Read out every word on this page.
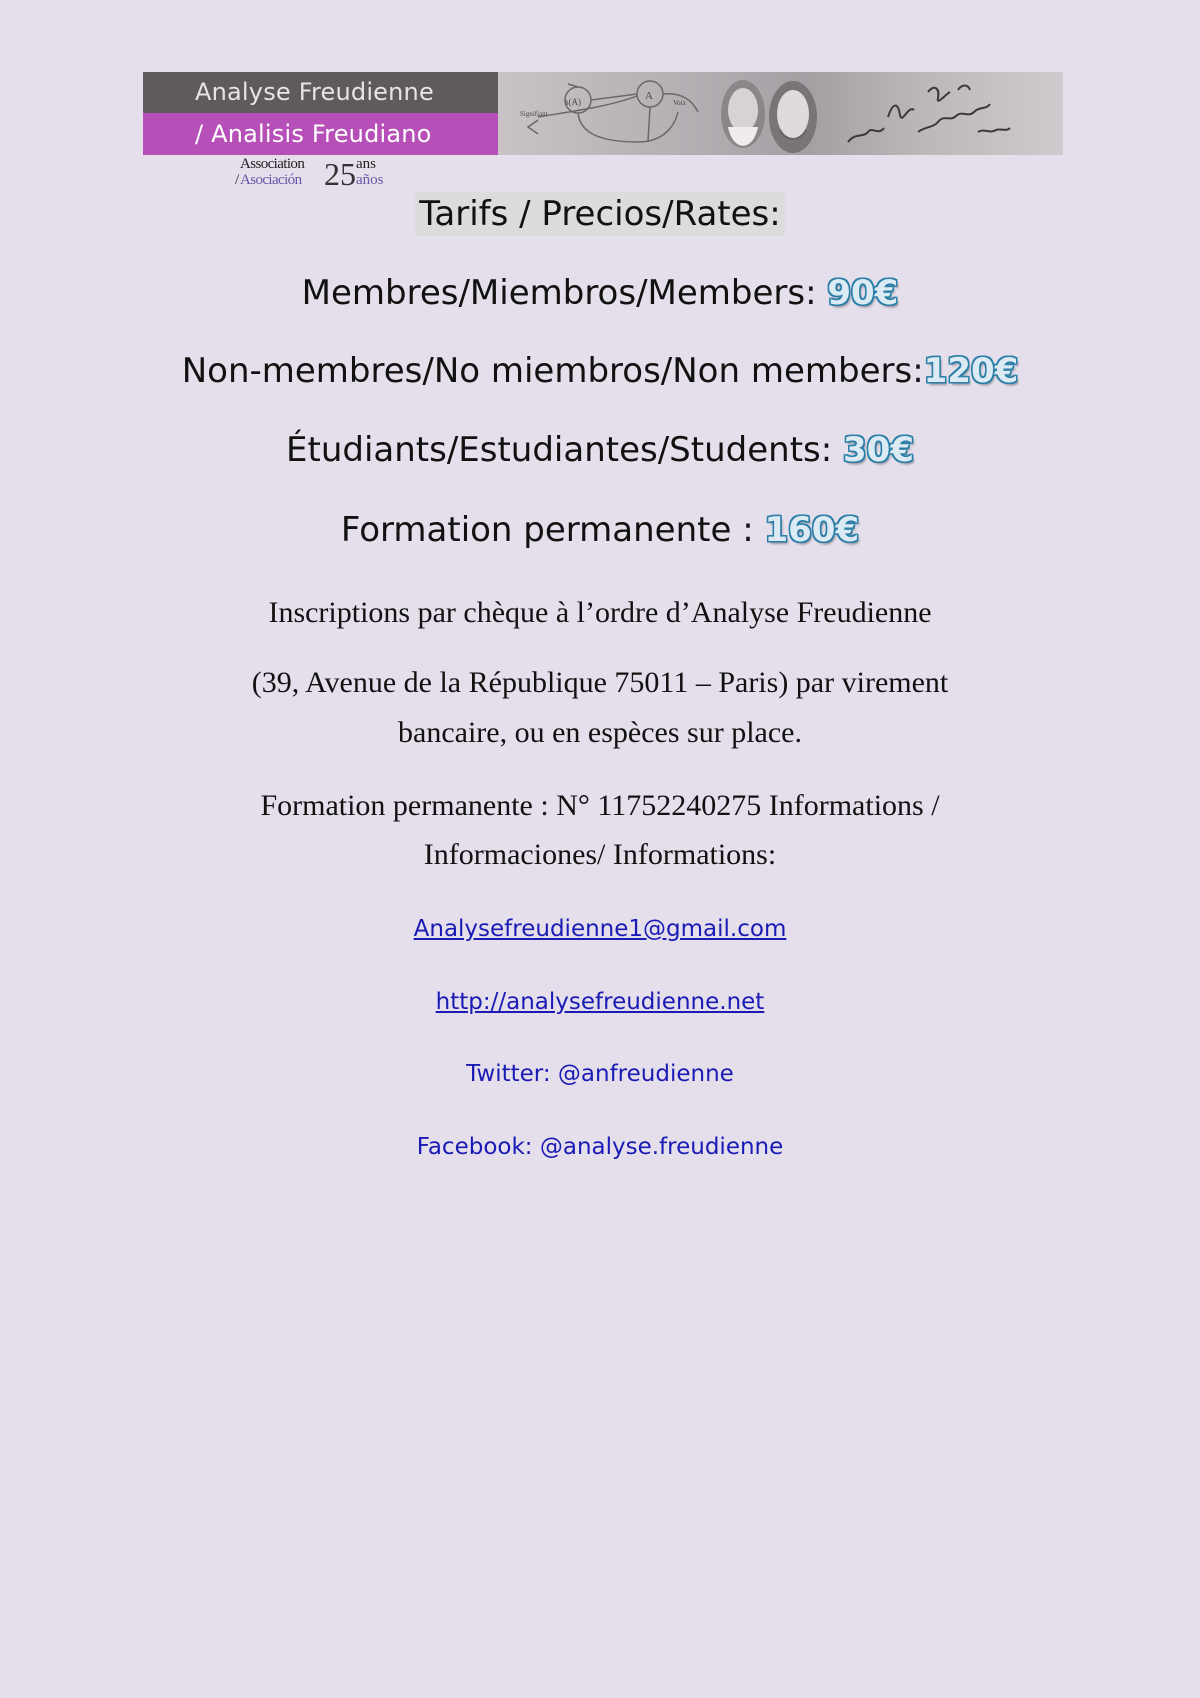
Analyse Freudienne
/ Analisis Freudiano
s(A)	A
Signifiant
Voix
Association
/ Asociación 25 ans
años
Tarifs / Precios/Rates:
Membres/Miembros/Members: 90€
Non-membres/No miembros/Non members:120€
Étudiants/Estudiantes/Students: 30€
Formation permanente : 160€
Inscriptions par chèque à l’ordre d’Analyse Freudienne
(39, Avenue de la République 75011 – Paris) par virement
bancaire, ou en espèces sur place.
Formation permanente : N° 11752240275 Informations /
Informaciones/ Informations:
Analysefreudienne1@gmail.com
http://analysefreudienne.net
Twitter: @anfreudienne
Facebook: @analyse.freudienne
